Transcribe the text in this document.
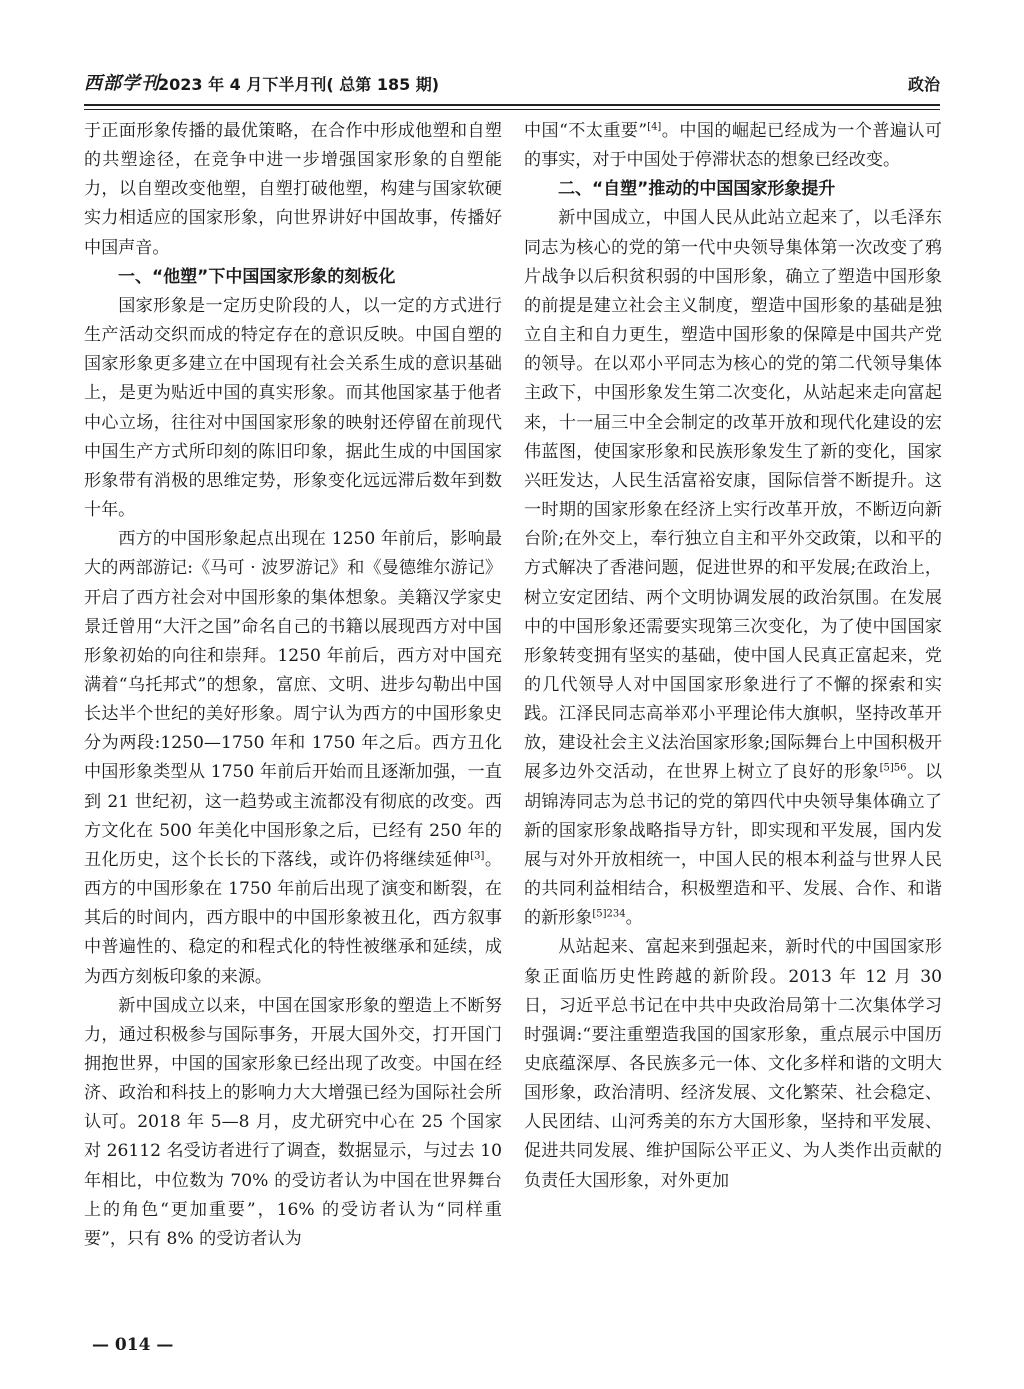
西部学刊
2023 年 4 月下半月刊( 总第 185 期)	政治

于正面形象传播的最优策略，在合作中形成他塑和自塑的共塑途径，在竞争中进一步增强国家形象的自塑能力，以自塑改变他塑，自塑打破他塑，构建与国家软硬实力相适应的国家形象，向世界讲好中国故事，传播好中国声音。

一、“他塑”下中国国家形象的刻板化

国家形象是一定历史阶段的人，以一定的方式进行生产活动交织而成的特定存在的意识反映。中国自塑的国家形象更多建立在中国现有社会关系生成的意识基础上，是更为贴近中国的真实形象。而其他国家基于他者中心立场，往往对中国国家形象的映射还停留在前现代中国生产方式所印刻的陈旧印象，据此生成的中国国家形象带有消极的思维定势，形象变化远远滞后数年到数十年。

西方的中国形象起点出现在 1250 年前后，影响最大的两部游记:《马可 · 波罗游记》和《曼德维尔游记》开启了西方社会对中国形象的集体想象。美籍汉学家史景迁曾用“大汗之国”命名自己的书籍以展现西方对中国形象初始的向往和崇拜。1250 年前后，西方对中国充满着“乌托邦式”的想象，富庶、文明、进步勾勒出中国长达半个世纪的美好形象。周宁认为西方的中国形象史分为两段:1250—1750 年和 1750 年之后。西方丑化中国形象类型从 1750 年前后开始而且逐渐加强，一直到 21 世纪初，这一趋势或主流都没有彻底的改变。西方文化在 500 年美化中国形象之后，已经有 250 年的丑化历史，这个长长的下落线，或许仍将继续延伸[3]。西方的中国形象在 1750 年前后出现了演变和断裂，在其后的时间内，西方眼中的中国形象被丑化，西方叙事中普遍性的、稳定的和程式化的特性被继承和延续，成为西方刻板印象的来源。

新中国成立以来，中国在国家形象的塑造上不断努力，通过积极参与国际事务，开展大国外交，打开国门拥抱世界，中国的国家形象已经出现了改变。中国在经济、政治和科技上的影响力大大增强已经为国际社会所认可。2018 年 5—8 月，皮尤研究中心在 25 个国家对 26112 名受访者进行了调查，数据显示，与过去 10 年相比，中位数为 70% 的受访者认为中国在世界舞台上的角色“更加重要”，16% 的受访者认为“同样重要”，只有 8% 的受访者认为

中国“不太重要”[4]。中国的崛起已经成为一个普遍认可的事实，对于中国处于停滞状态的想象已经改变。

二、“自塑”推动的中国国家形象提升

新中国成立，中国人民从此站立起来了，以毛泽东同志为核心的党的第一代中央领导集体第一次改变了鸦片战争以后积贫积弱的中国形象，确立了塑造中国形象的前提是建立社会主义制度，塑造中国形象的基础是独立自主和自力更生，塑造中国形象的保障是中国共产党的领导。在以邓小平同志为核心的党的第二代领导集体主政下，中国形象发生第二次变化，从站起来走向富起来，十一届三中全会制定的改革开放和现代化建设的宏伟蓝图，使国家形象和民族形象发生了新的变化，国家兴旺发达，人民生活富裕安康，国际信誉不断提升。这一时期的国家形象在经济上实行改革开放，不断迈向新台阶;在外交上，奉行独立自主和平外交政策，以和平的方式解决了香港问题，促进世界的和平发展;在政治上，树立安定团结、两个文明协调发展的政治氛围。在发展中的中国形象还需要实现第三次变化，为了使中国国家形象转变拥有坚实的基础，使中国人民真正富起来，党的几代领导人对中国国家形象进行了不懈的探索和实践。江泽民同志高举邓小平理论伟大旗帜，坚持改革开放，建设社会主义法治国家形象;国际舞台上中国积极开展多边外交活动，在世界上树立了良好的形象$^{[5]56}$。以胡锦涛同志为总书记的党的第四代中央领导集体确立了新的国家形象战略指导方针，即实现和平发展，国内发展与对外开放相统一，中国人民的根本利益与世界人民的共同利益相结合，积极塑造和平、发展、合作、和谐的新形象$^{[5]234}$。

从站起来、富起来到强起来，新时代的中国国家形象正面临历史性跨越的新阶段。2013 年 12 月 30 日，习近平总书记在中共中央政治局第十二次集体学习时强调:“要注重塑造我国的国家形象，重点展示中国历史底蕴深厚、各民族多元一体、文化多样和谐的文明大国形象，政治清明、经济发展、文化繁荣、社会稳定、人民团结、山河秀美的东方大国形象，坚持和平发展、促进共同发展、维护国际公平正义、为人类作出贡献的负责任大国形象，对外更加

— 014 —
